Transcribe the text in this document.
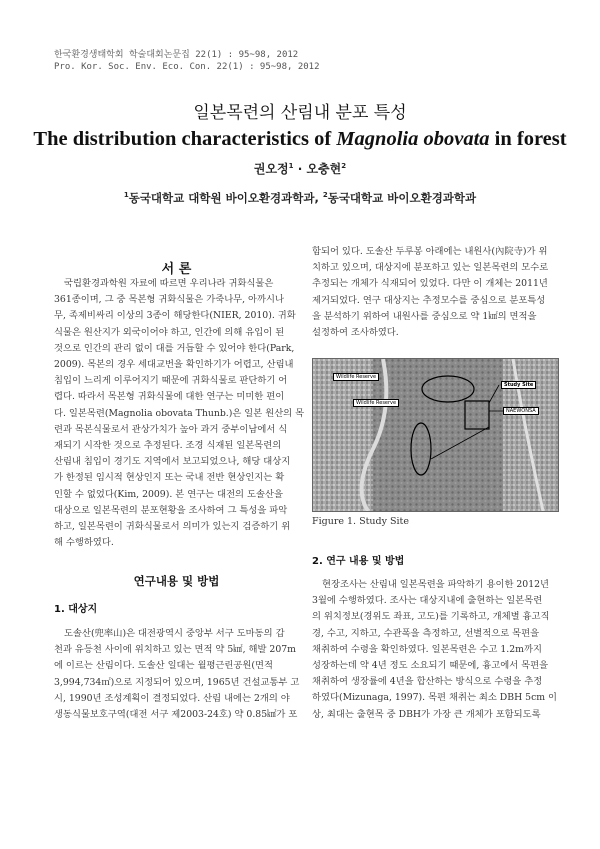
한국환경생태학회 학술대회논문집 22(1) : 95~98, 2012
Pro. Kor. Soc. Env. Eco. Con. 22(1) : 95~98, 2012
일본목련의 산림내 분포 특성
The distribution characteristics of Magnolia obovata in forest
권오정$^1$ · 오충현$^2$
$^1$동국대학교 대학원 바이오환경과학과, $^2$동국대학교 바이오환경과학과
서 론
국립환경과학원 자료에 따르면 우리나라 귀화식물은
361종이며, 그 중 목본형 귀화식물은 가죽나무, 아까시나
무, 족제비싸리 이상의 3종이 해당한다(NIER, 2010). 귀화
식물은 원산지가 외국이어야 하고, 인간에 의해 유입이 된
것으로 인간의 관리 없이 대를 거듭할 수 있어야 한다(Park,
2009). 목본의 경우 세대교번을 확인하기가 어렵고, 산림내
침입이 느리게 이루어지기 때문에 귀화식물로 판단하기 어
렵다. 따라서 목본형 귀화식물에 대한 연구는 미미한 편이
다. 일본목련(Magnolia obovata Thunb.)은 일본 원산의 목
련과 목본식물로서 관상가치가 높아 과거 중부이남에서 식
재되기 시작한 것으로 추정된다. 조경 식재된 일본목련의
산림내 침입이 경기도 지역에서 보고되었으나, 해당 대상지
가 한정된 임시적 현상인지 또는 국내 전반 현상인지는 확
인할 수 없었다(Kim, 2009). 본 연구는 대전의 도솔산을
대상으로 일본목련의 분포현황을 조사하여 그 특성을 파악
하고, 일본목련이 귀화식물로서 의미가 있는지 검증하기 위
해 수행하였다.
연구내용 및 방법
1. 대상지
도솔산(兜率山)은 대전광역시 중앙부 서구 도마동의 갑
천과 유등천 사이에 위치하고 있는 면적 약 5㎢, 해발 207m
에 이르는 산림이다. 도솔산 일대는 월평근린공원(면적
3,994,734㎡)으로 지정되어 있으며, 1965년 건설교통부 고
시, 1990년 조성계획이 결정되었다. 산림 내에는 2개의 야
생동식물보호구역(대전 서구 제2003-24호) 약 0.85㎢가 포
함되어 있다. 도솔산 두루봉 아래에는 내원사(內院寺)가 위
치하고 있으며, 대상지에 분포하고 있는 일본목련의 모수로
추정되는 개체가 식재되어 있었다. 다만 이 개체는 2011년
제거되었다. 연구 대상지는 추정모수를 중심으로 분포특성
을 분석하기 위하여 내원사를 중심으로 약 1㎢의 면적을
설정하여 조사하였다.
Wildlife Reserve
Wildlife Reserve
Study Site
NAEWONSA
Figure 1. Study Site
2. 연구 내용 및 방법
현장조사는 산림내 일본목련을 파악하기 용이한 2012년
3월에 수행하였다. 조사는 대상지내에 출현하는 일본목련
의 위치정보(경위도 좌표, 고도)를 기록하고, 개체별 흉고직
경, 수고, 지하고, 수관폭을 측정하고, 선별적으로 목편을
채취하여 수령을 확인하였다. 일본목련은 수고 1.2m까지
성장하는데 약 4년 정도 소요되기 때문에, 흉고에서 목편을
채취하여 생장률에 4년을 합산하는 방식으로 수령을 추정
하였다(Mizunaga, 1997). 목편 채취는 최소 DBH 5cm 이
상, 최대는 출현목 중 DBH가 가장 큰 개체가 포함되도록
